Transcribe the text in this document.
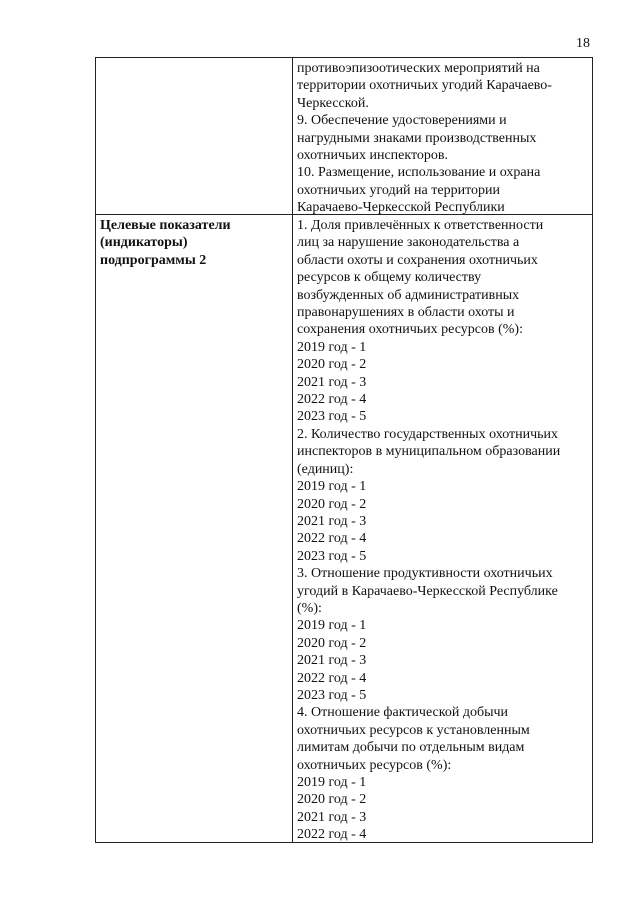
18
противоэпизоотических мероприятий на
территории охотничьих угодий Карачаево-
Черкесской.
9. Обеспечение удостоверениями и
нагрудными знаками производственных
охотничьих инспекторов.
10. Размещение, использование и охрана
охотничьих угодий на территории
Карачаево-Черкесской Республики
Целевые показатели
(индикаторы)
подпрограммы 2
1. Доля привлечённых к ответственности
лиц за нарушение законодательства а
области охоты и сохранения охотничьих
ресурсов к общему количеству
возбужденных об административных
правонарушениях в области охоты и
сохранения охотничьих ресурсов (%):
2019 год - 1
2020 год - 2
2021 год - 3
2022 год - 4
2023 год - 5
2. Количество государственных охотничьих
инспекторов в муниципальном образовании
(единиц):
2019 год - 1
2020 год - 2
2021 год - 3
2022 год - 4
2023 год - 5
3. Отношение продуктивности охотничьих
угодий в Карачаево-Черкесской Республике
(%):
2019 год - 1
2020 год - 2
2021 год - 3
2022 год - 4
2023 год - 5
4. Отношение фактической добычи
охотничьих ресурсов к установленным
лимитам добычи по отдельным видам
охотничьих ресурсов (%):
2019 год - 1
2020 год - 2
2021 год - 3
2022 год - 4
